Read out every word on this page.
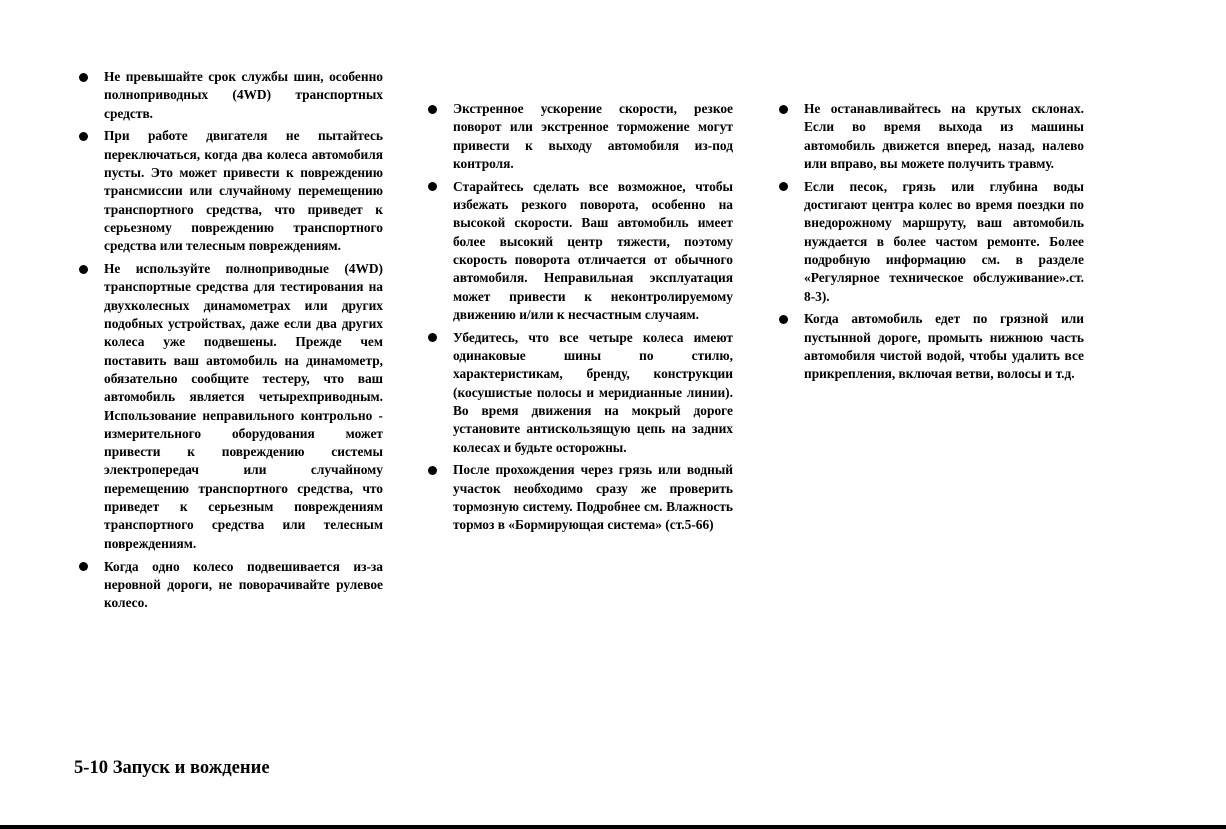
Не превышайте срок службы шин, особенно полноприводных (4WD) транспортных средств.
При работе двигателя не пытайтесь переключаться, когда два колеса автомобиля пусты. Это может привести к повреждению трансмиссии или случайному перемещению транспортного средства, что приведет к серьезному повреждению транспортного средства или телесным повреждениям.
Не используйте полноприводные (4WD) транспортные средства для тестирования на двухколесных динамометрах или других подобных устройствах, даже если два других колеса уже подвешены. Прежде чем поставить ваш автомобиль на динамометр, обязательно сообщите тестеру, что ваш автомобиль является четырехприводным. Использование неправильного контрольно - измерительного оборудования может привести к повреждению системы электропередач или случайному перемещению транспортного средства, что приведет к серьезным повреждениям транспортного средства или телесным повреждениям.
Когда одно колесо подвешивается из-за неровной дороги, не поворачивайте рулевое колесо.
Экстренное ускорение скорости, резкое поворот или экстренное торможение могут привести к выходу автомобиля из-под контроля.
Старайтесь сделать все возможное, чтобы избежать резкого поворота, особенно на высокой скорости. Ваш автомобиль имеет более высокий центр тяжести, поэтому скорость поворота отличается от обычного автомобиля. Неправильная эксплуатация может привести к неконтролируемому движению и/или к несчастным случаям.
Убедитесь, что все четыре колеса имеют одинаковые шины по стилю, характеристикам, бренду, конструкции (косушистые полосы и меридианные линии). Во время движения на мокрый дороге установите антискользящую цепь на задних колесах и будьте осторожны.
После прохождения через грязь или водный участок необходимо сразу же проверить тормозную систему. Подробнее см. Влажность тормоз в «Бормирующая система» (ст.5-66)
Не останавливайтесь на крутых склонах. Если во время выхода из машины автомобиль движется вперед, назад, налево или вправо, вы можете получить травму.
Если песок, грязь или глубина воды достигают центра колес во время поездки по внедорожному маршруту, ваш автомобиль нуждается в более частом ремонте. Более подробную информацию см. в разделе «Регулярное техническое обслуживание».ст. 8-3).
Когда автомобиль едет по грязной или пустынной дороге, промыть нижнюю часть автомобиля чистой водой, чтобы удалить все прикрепления, включая ветви, волосы и т.д.
5-10 Запуск и вождение
